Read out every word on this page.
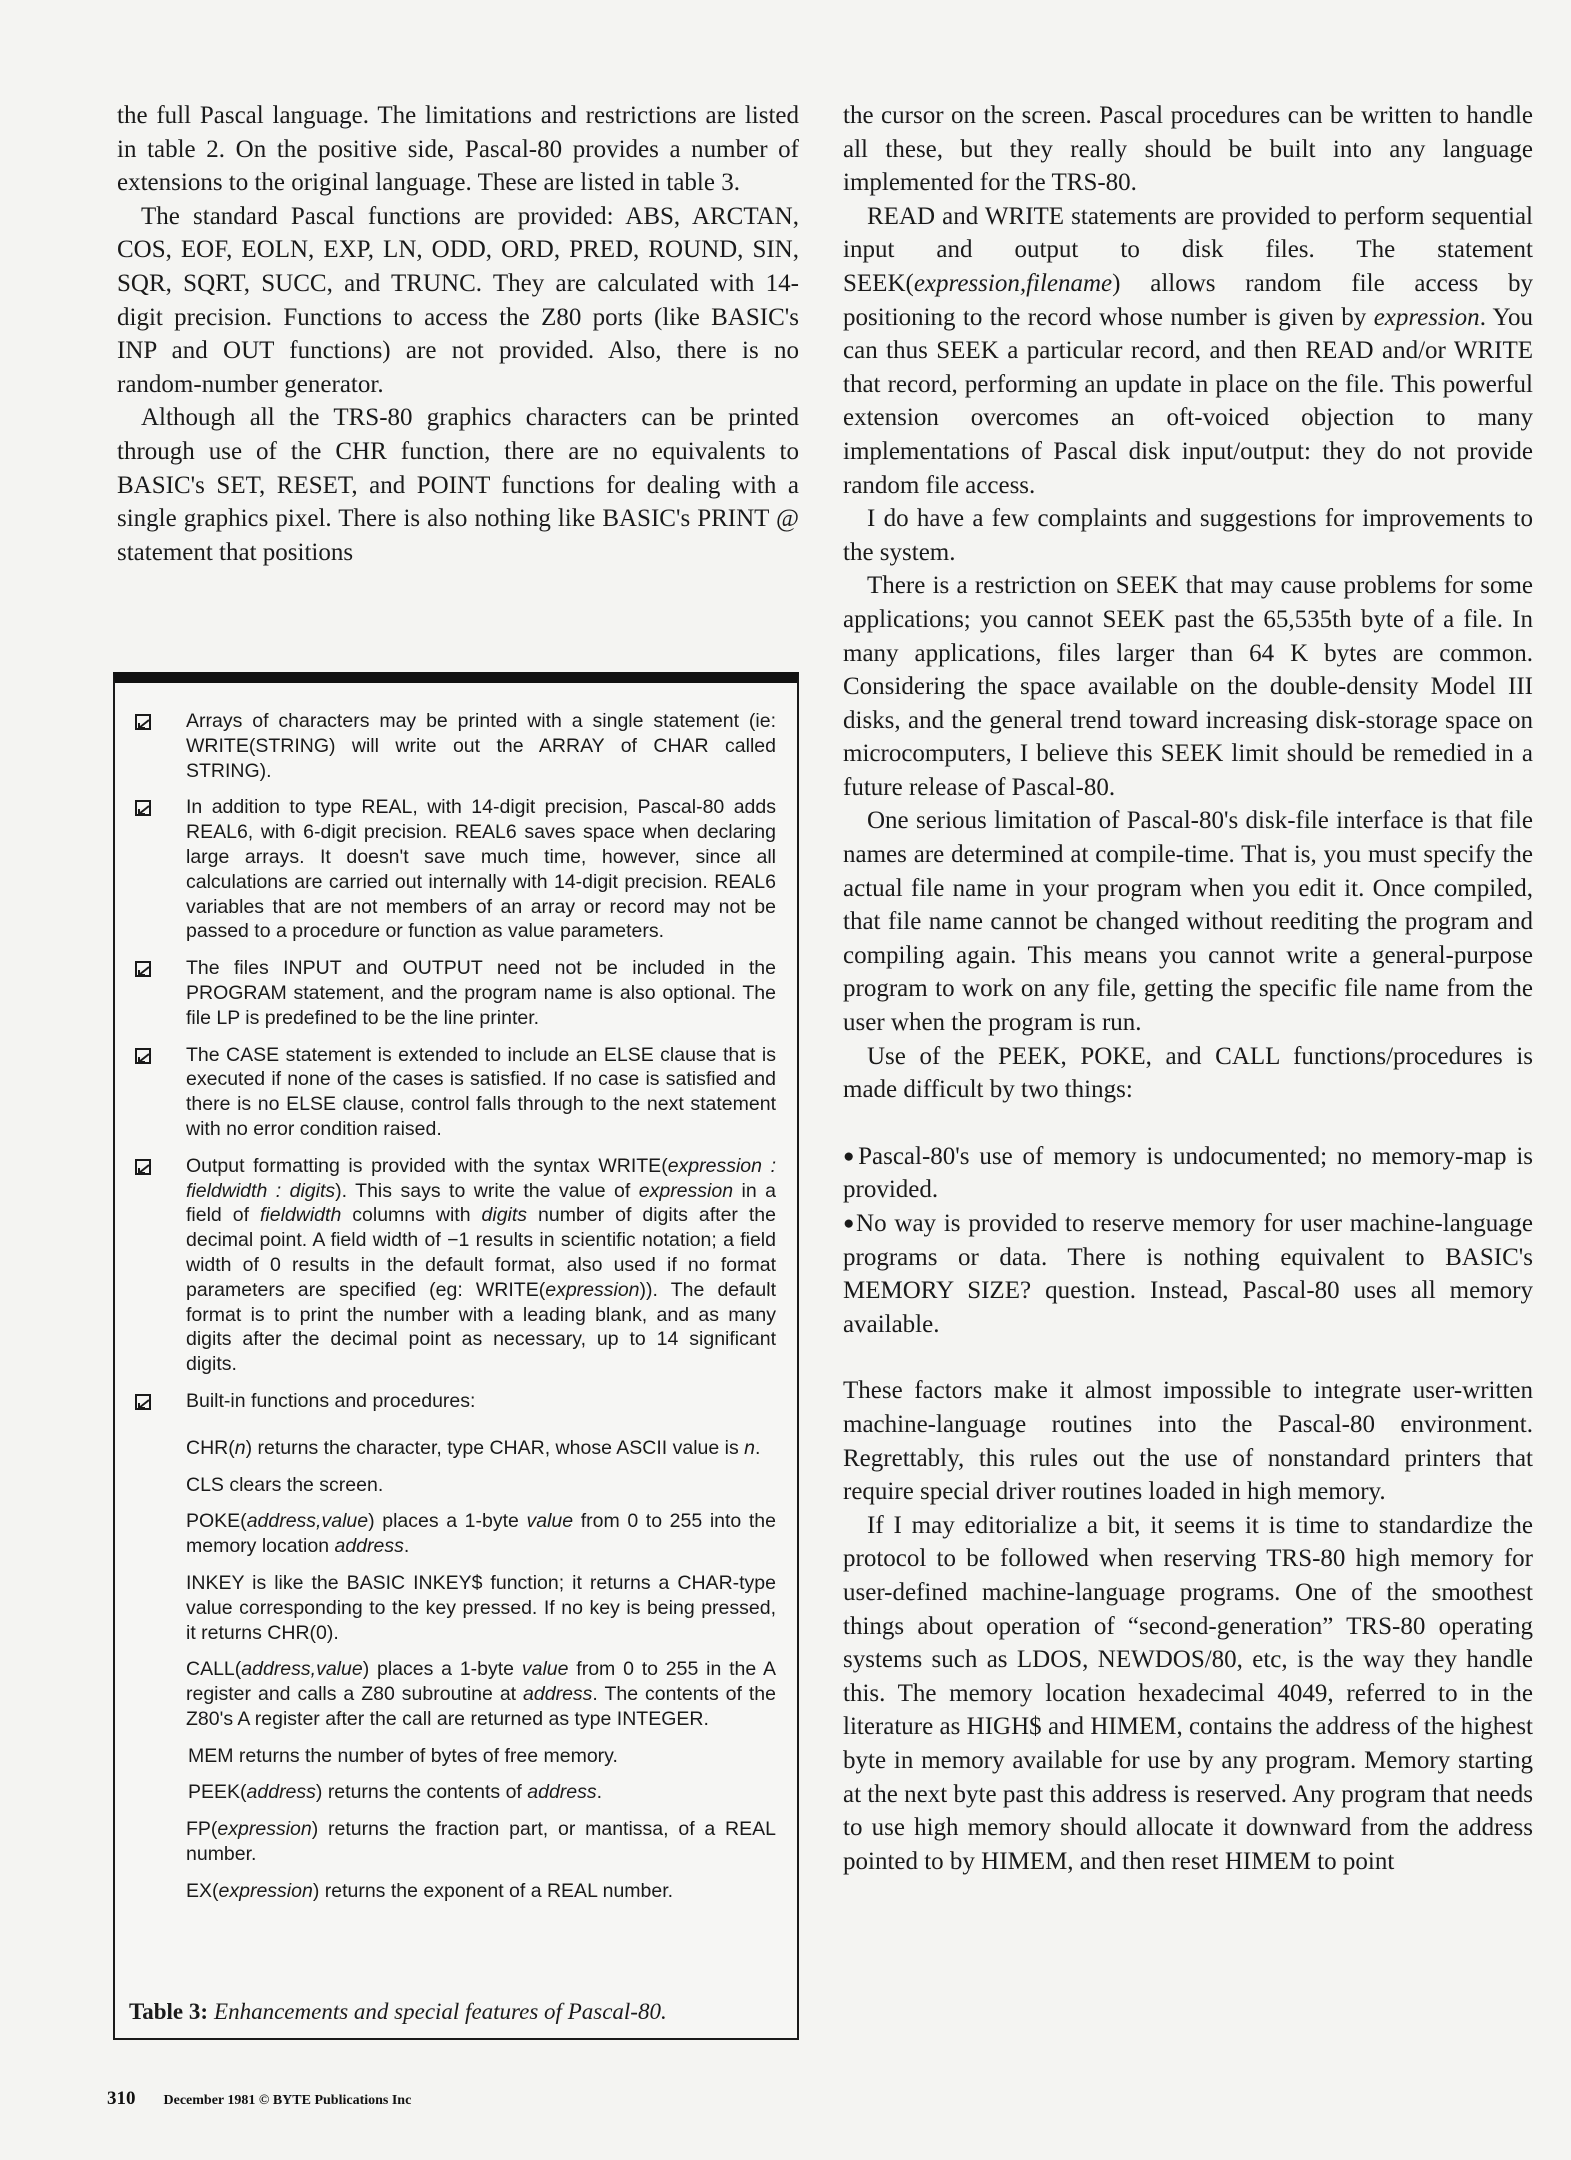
the full Pascal language. The limitations and restrictions are listed in table 2. On the positive side, Pascal-80 provides a number of extensions to the original language. These are listed in table 3.

The standard Pascal functions are provided: ABS, ARCTAN, COS, EOF, EOLN, EXP, LN, ODD, ORD, PRED, ROUND, SIN, SQR, SQRT, SUCC, and TRUNC. They are calculated with 14-digit precision. Functions to access the Z80 ports (like BASIC's INP and OUT functions) are not provided. Also, there is no random-number generator.

Although all the TRS-80 graphics characters can be printed through use of the CHR function, there are no equivalents to BASIC's SET, RESET, and POINT functions for dealing with a single graphics pixel. There is also nothing like BASIC's PRINT @ statement that positions

Arrays of characters may be printed with a single statement (ie: WRITE(STRING) will write out the ARRAY of CHAR called STRING).
In addition to type REAL, with 14-digit precision, Pascal-80 adds REAL6, with 6-digit precision. REAL6 saves space when declaring large arrays. It doesn't save much time, however, since all calculations are carried out internally with 14-digit precision. REAL6 variables that are not members of an array or record may not be passed to a procedure or function as value parameters.
The files INPUT and OUTPUT need not be included in the PROGRAM statement, and the program name is also optional. The file LP is predefined to be the line printer.
The CASE statement is extended to include an ELSE clause that is executed if none of the cases is satisfied. If no case is satisfied and there is no ELSE clause, control falls through to the next statement with no error condition raised.
Output formatting is provided with the syntax WRITE(expression : fieldwidth : digits). This says to write the value of expression in a field of fieldwidth columns with digits number of digits after the decimal point. A field width of −1 results in scientific notation; a field width of 0 results in the default format, also used if no format parameters are specified (eg: WRITE(expression)). The default format is to print the number with a leading blank, and as many digits after the decimal point as necessary, up to 14 significant digits.
Built-in functions and procedures:

CHR(n) returns the character, type CHAR, whose ASCII value is n.

CLS clears the screen.

POKE(address,value) places a 1-byte value from 0 to 255 into the memory location address.

INKEY is like the BASIC INKEY$ function; it returns a CHAR-type value corresponding to the key pressed. If no key is being pressed, it returns CHR(0).

CALL(address,value) places a 1-byte value from 0 to 255 in the A register and calls a Z80 subroutine at address. The contents of the Z80's A register after the call are returned as type INTEGER.

MEM returns the number of bytes of free memory.

PEEK(address) returns the contents of address.

FP(expression) returns the fraction part, or mantissa, of a REAL number.

EX(expression) returns the exponent of a REAL number.

Table 3: Enhancements and special features of Pascal-80.

the cursor on the screen. Pascal procedures can be written to handle all these, but they really should be built into any language implemented for the TRS-80.

READ and WRITE statements are provided to perform sequential input and output to disk files. The statement SEEK(expression,filename) allows random file access by positioning to the record whose number is given by expression. You can thus SEEK a particular record, and then READ and/or WRITE that record, performing an update in place on the file. This powerful extension overcomes an oft-voiced objection to many implementations of Pascal disk input/output: they do not provide random file access.

I do have a few complaints and suggestions for improvements to the system.

There is a restriction on SEEK that may cause problems for some applications; you cannot SEEK past the 65,535th byte of a file. In many applications, files larger than 64 K bytes are common. Considering the space available on the double-density Model III disks, and the general trend toward increasing disk-storage space on microcomputers, I believe this SEEK limit should be remedied in a future release of Pascal-80.

One serious limitation of Pascal-80's disk-file interface is that file names are determined at compile-time. That is, you must specify the actual file name in your program when you edit it. Once compiled, that file name cannot be changed without reediting the program and compiling again. This means you cannot write a general-purpose program to work on any file, getting the specific file name from the user when the program is run.

Use of the PEEK, POKE, and CALL functions/procedures is made difficult by two things:

●Pascal-80's use of memory is undocumented; no memory-map is provided.

●No way is provided to reserve memory for user machine-language programs or data. There is nothing equivalent to BASIC's MEMORY SIZE? question. Instead, Pascal-80 uses all memory available.

These factors make it almost impossible to integrate user-written machine-language routines into the Pascal-80 environment. Regrettably, this rules out the use of nonstandard printers that require special driver routines loaded in high memory.

If I may editorialize a bit, it seems it is time to standardize the protocol to be followed when reserving TRS-80 high memory for user-defined machine-language programs. One of the smoothest things about operation of “second-generation” TRS-80 operating systems such as LDOS, NEWDOS/80, etc, is the way they handle this. The memory location hexadecimal 4049, referred to in the literature as HIGH$ and HIMEM, contains the address of the highest byte in memory available for use by any program. Memory starting at the next byte past this address is reserved. Any program that needs to use high memory should allocate it downward from the address pointed to by HIMEM, and then reset HIMEM to point

310 December 1981 © BYTE Publications Inc
